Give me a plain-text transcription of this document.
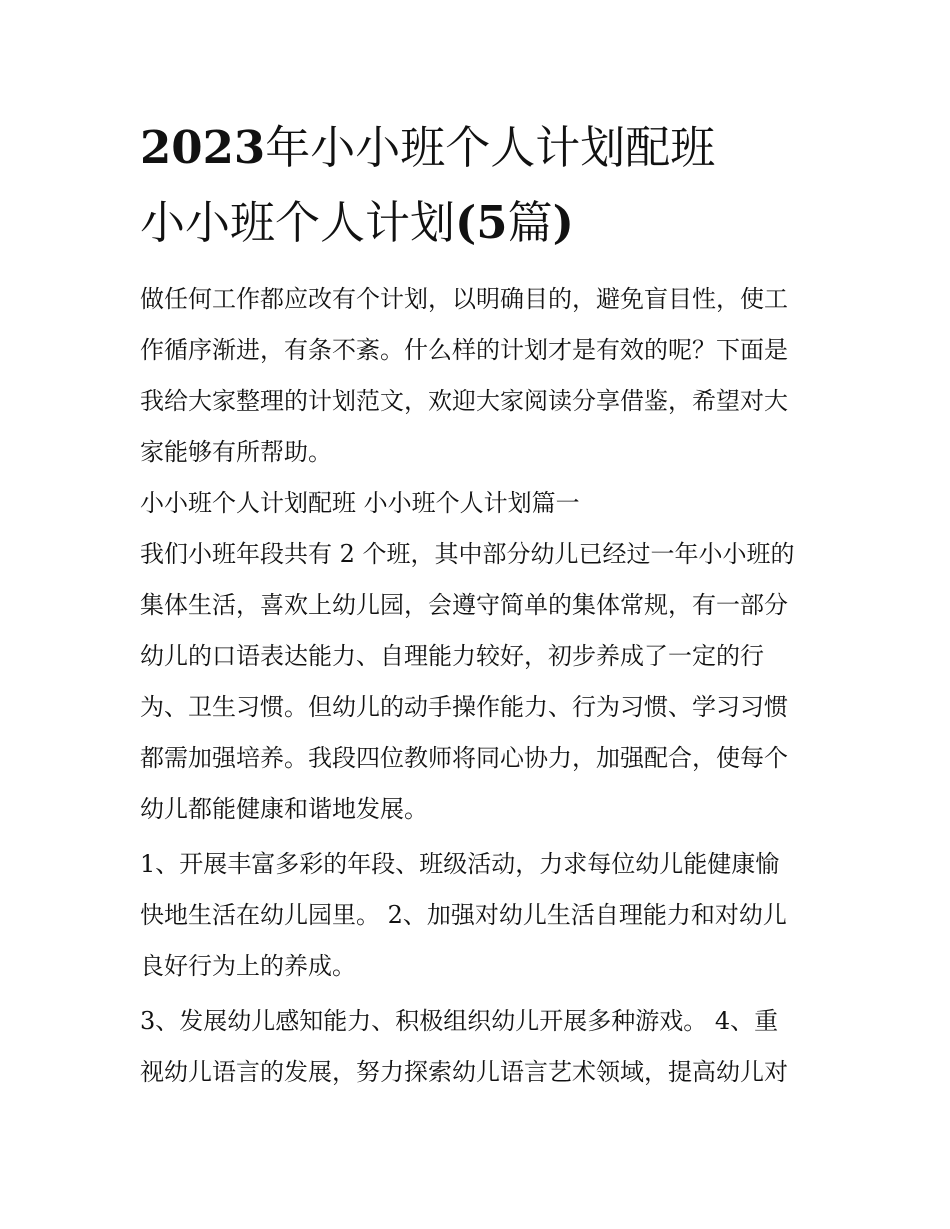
2023年小小班个人计划配班
小小班个人计划(5篇)

做任何工作都应改有个计划，以明确目的，避免盲目性，使工
作循序渐进，有条不紊。什么样的计划才是有效的呢？下面是
我给大家整理的计划范文，欢迎大家阅读分享借鉴，希望对大
家能够有所帮助。

小小班个人计划配班 小小班个人计划篇一

我们小班年段共有 2 个班，其中部分幼儿已经过一年小小班的
集体生活，喜欢上幼儿园，会遵守简单的集体常规，有一部分
幼儿的口语表达能力、自理能力较好，初步养成了一定的行
为、卫生习惯。但幼儿的动手操作能力、行为习惯、学习习惯
都需加强培养。我段四位教师将同心协力，加强配合，使每个
幼儿都能健康和谐地发展。

1、开展丰富多彩的年段、班级活动，力求每位幼儿能健康愉
快地生活在幼儿园里。 2、加强对幼儿生活自理能力和对幼儿
良好行为上的养成。

3、发展幼儿感知能力、积极组织幼儿开展多种游戏。 4、重
视幼儿语言的发展，努力探索幼儿语言艺术领域，提高幼儿对
